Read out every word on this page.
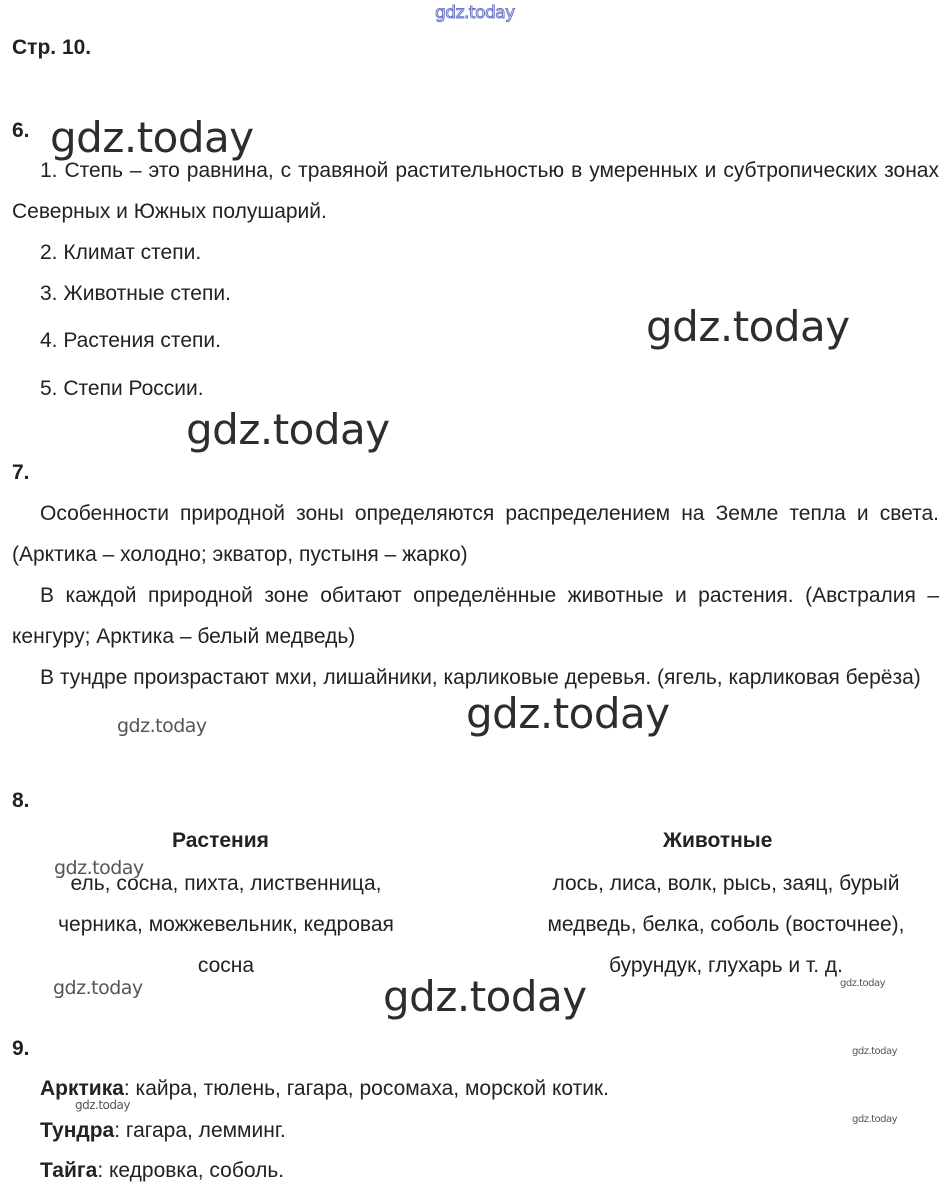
gdz.today
Стр. 10.
6. gdz.today
1. Степь – это равнина, с травяной растительностью в умеренных и субтропических зонах Северных и Южных полушарий.
2. Климат степи.
3. Животные степи.
gdz.today
4. Растения степи.
5. Степи России.
gdz.today
7.
Особенности природной зоны определяются распределением на Земле тепла и света. (Арктика – холодно; экватор, пустыня – жарко)
В каждой природной зоне обитают определённые животные и растения. (Австралия – кенгуру; Арктика – белый медведь)
В тундре произрастают мхи, лишайники, карликовые деревья. (ягель, карликовая берёза)
gdz.today	gdz.today
8.
Растения	Животные
gdz.today
ель, сосна, пихта, лиственница, черника, можжевельник, кедровая сосна
лось, лиса, волк, рысь, заяц, бурый медведь, белка, соболь (восточнее), бурундук, глухарь и т. д.
gdz.today	gdz.today	gdz.today
9.	gdz.today
Арктика: кайра, тюлень, гагара, росомаха, морской котик.
gdz.today
gdz.today
Тундра: гагара, лемминг.
Тайга: кедровка, соболь.
